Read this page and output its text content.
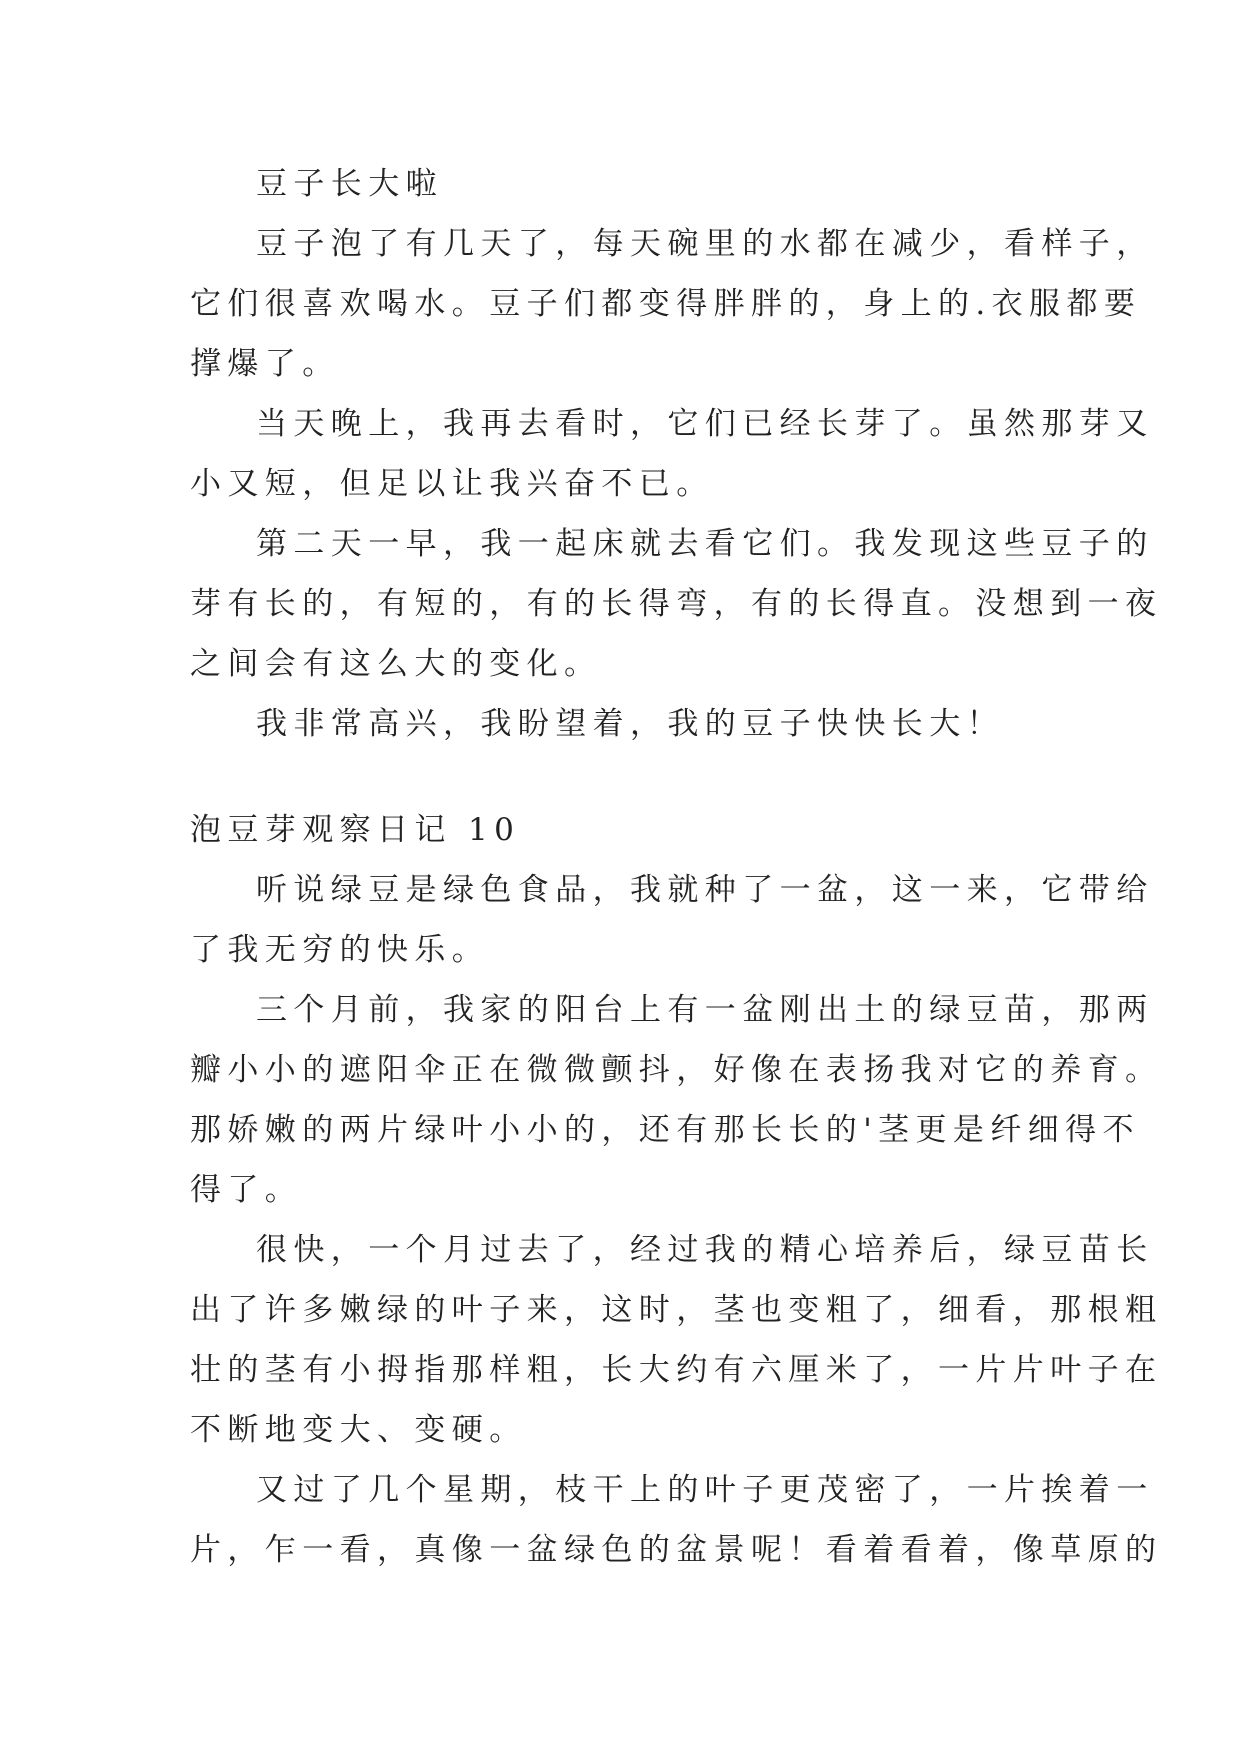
豆子长大啦
豆子泡了有几天了，每天碗里的水都在减少，看样子，
它们很喜欢喝水。豆子们都变得胖胖的，身上的.衣服都要
撑爆了。
当天晚上，我再去看时，它们已经长芽了。虽然那芽又
小又短，但足以让我兴奋不已。
第二天一早，我一起床就去看它们。我发现这些豆子的
芽有长的，有短的，有的长得弯，有的长得直。没想到一夜
之间会有这么大的变化。
我非常高兴，我盼望着，我的豆子快快长大！
泡豆芽观察日记 10
听说绿豆是绿色食品，我就种了一盆，这一来，它带给
了我无穷的快乐。
三个月前，我家的阳台上有一盆刚出土的绿豆苗，那两
瓣小小的遮阳伞正在微微颤抖，好像在表扬我对它的养育。
那娇嫩的两片绿叶小小的，还有那长长的'茎更是纤细得不
得了。
很快，一个月过去了，经过我的精心培养后，绿豆苗长
出了许多嫩绿的叶子来，这时，茎也变粗了，细看，那根粗
壮的茎有小拇指那样粗，长大约有六厘米了，一片片叶子在
不断地变大、变硬。
又过了几个星期，枝干上的叶子更茂密了，一片挨着一
片，乍一看，真像一盆绿色的盆景呢！看着看着，像草原的
